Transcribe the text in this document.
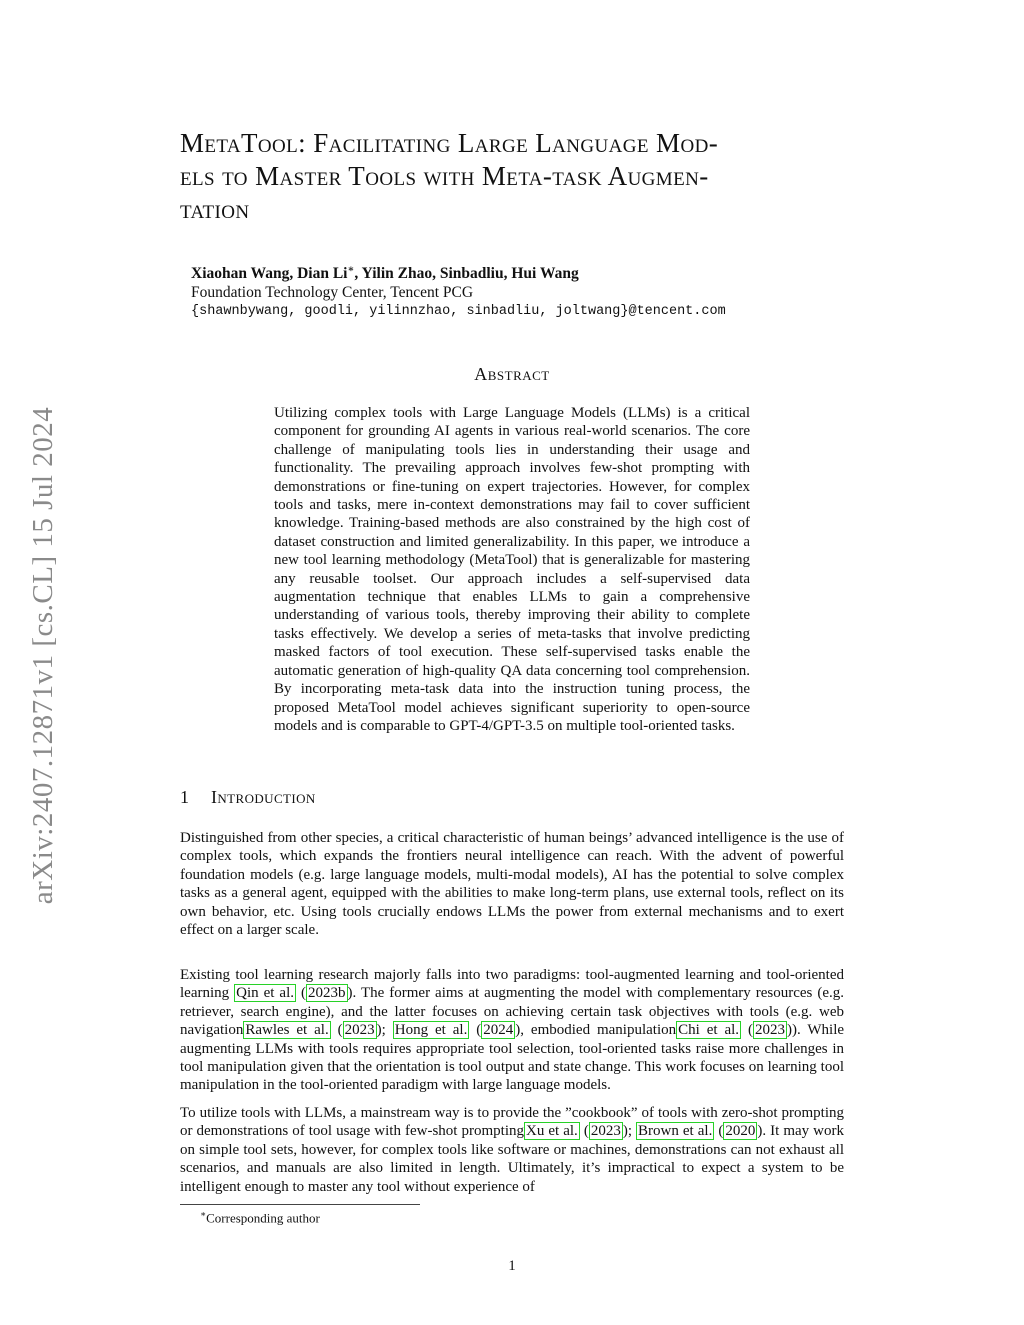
arXiv:2407.12871v1 [cs.CL] 15 Jul 2024
MetaTool: Facilitating Large Language Mod-
els to Master Tools with Meta-task Augmen-
tation
Xiaohan Wang, Dian Li∗, Yilin Zhao, Sinbadliu, Hui Wang
Foundation Technology Center, Tencent PCG
{shawnbywang, goodli, yilinnzhao, sinbadliu, joltwang}@tencent.com
Abstract

Utilizing complex tools with Large Language Models (LLMs) is a critical component for grounding AI agents in various real-world scenarios. The core challenge of manipulating tools lies in understanding their usage and functionality. The prevailing approach involves few-shot prompting with demonstrations or fine-tuning on expert trajectories. However, for complex tools and tasks, mere in-context demonstrations may fail to cover sufficient knowledge. Training-based methods are also constrained by the high cost of dataset construction and limited generalizability. In this paper, we introduce a new tool learning methodology (MetaTool) that is generalizable for mastering any reusable toolset. Our approach includes a self-supervised data augmentation technique that enables LLMs to gain a comprehensive understanding of various tools, thereby improving their ability to complete tasks effectively. We develop a series of meta-tasks that involve predicting masked factors of tool execution. These self-supervised tasks enable the automatic generation of high-quality QA data concerning tool comprehension. By incorporating meta-task data into the instruction tuning process, the proposed MetaTool model achieves significant superiority to open-source models and is comparable to GPT-4/GPT-3.5 on multiple tool-oriented tasks.

1 Introduction

Distinguished from other species, a critical characteristic of human beings’ advanced intelligence is the use of complex tools, which expands the frontiers neural intelligence can reach. With the advent of powerful foundation models (e.g. large language models, multi-modal models), AI has the potential to solve complex tasks as a general agent, equipped with the abilities to make long-term plans, use external tools, reflect on its own behavior, etc. Using tools crucially endows LLMs the power from external mechanisms and to exert effect on a larger scale.

Existing tool learning research majorly falls into two paradigms: tool-augmented learning and tool-oriented learning Qin et al. ( 2023b ). The former aims at augmenting the model with complementary resources (e.g. retriever, search engine), and the latter focuses on achieving certain task objectives with tools (e.g. web navigation Rawles et al. ( 2023 ); Hong et al. ( 2024 ), embodied manipulation Chi et al. ( 2023 )). While augmenting LLMs with tools requires appropriate tool selection, tool-oriented tasks raise more challenges in tool manipulation given that the orientation is tool output and state change. This work focuses on learning tool manipulation in the tool-oriented paradigm with large language models.

To utilize tools with LLMs, a mainstream way is to provide the ”cookbook” of tools with zero-shot prompting or demonstrations of tool usage with few-shot prompting Xu et al. ( 2023 ); Brown et al. ( 2020 ). It may work on simple tool sets, however, for complex tools like software or machines, demonstrations can not exhaust all scenarios, and manuals are also limited in length. Ultimately, it’s impractical to expect a system to be intelligent enough to master any tool without experience of

∗Corresponding author
1
